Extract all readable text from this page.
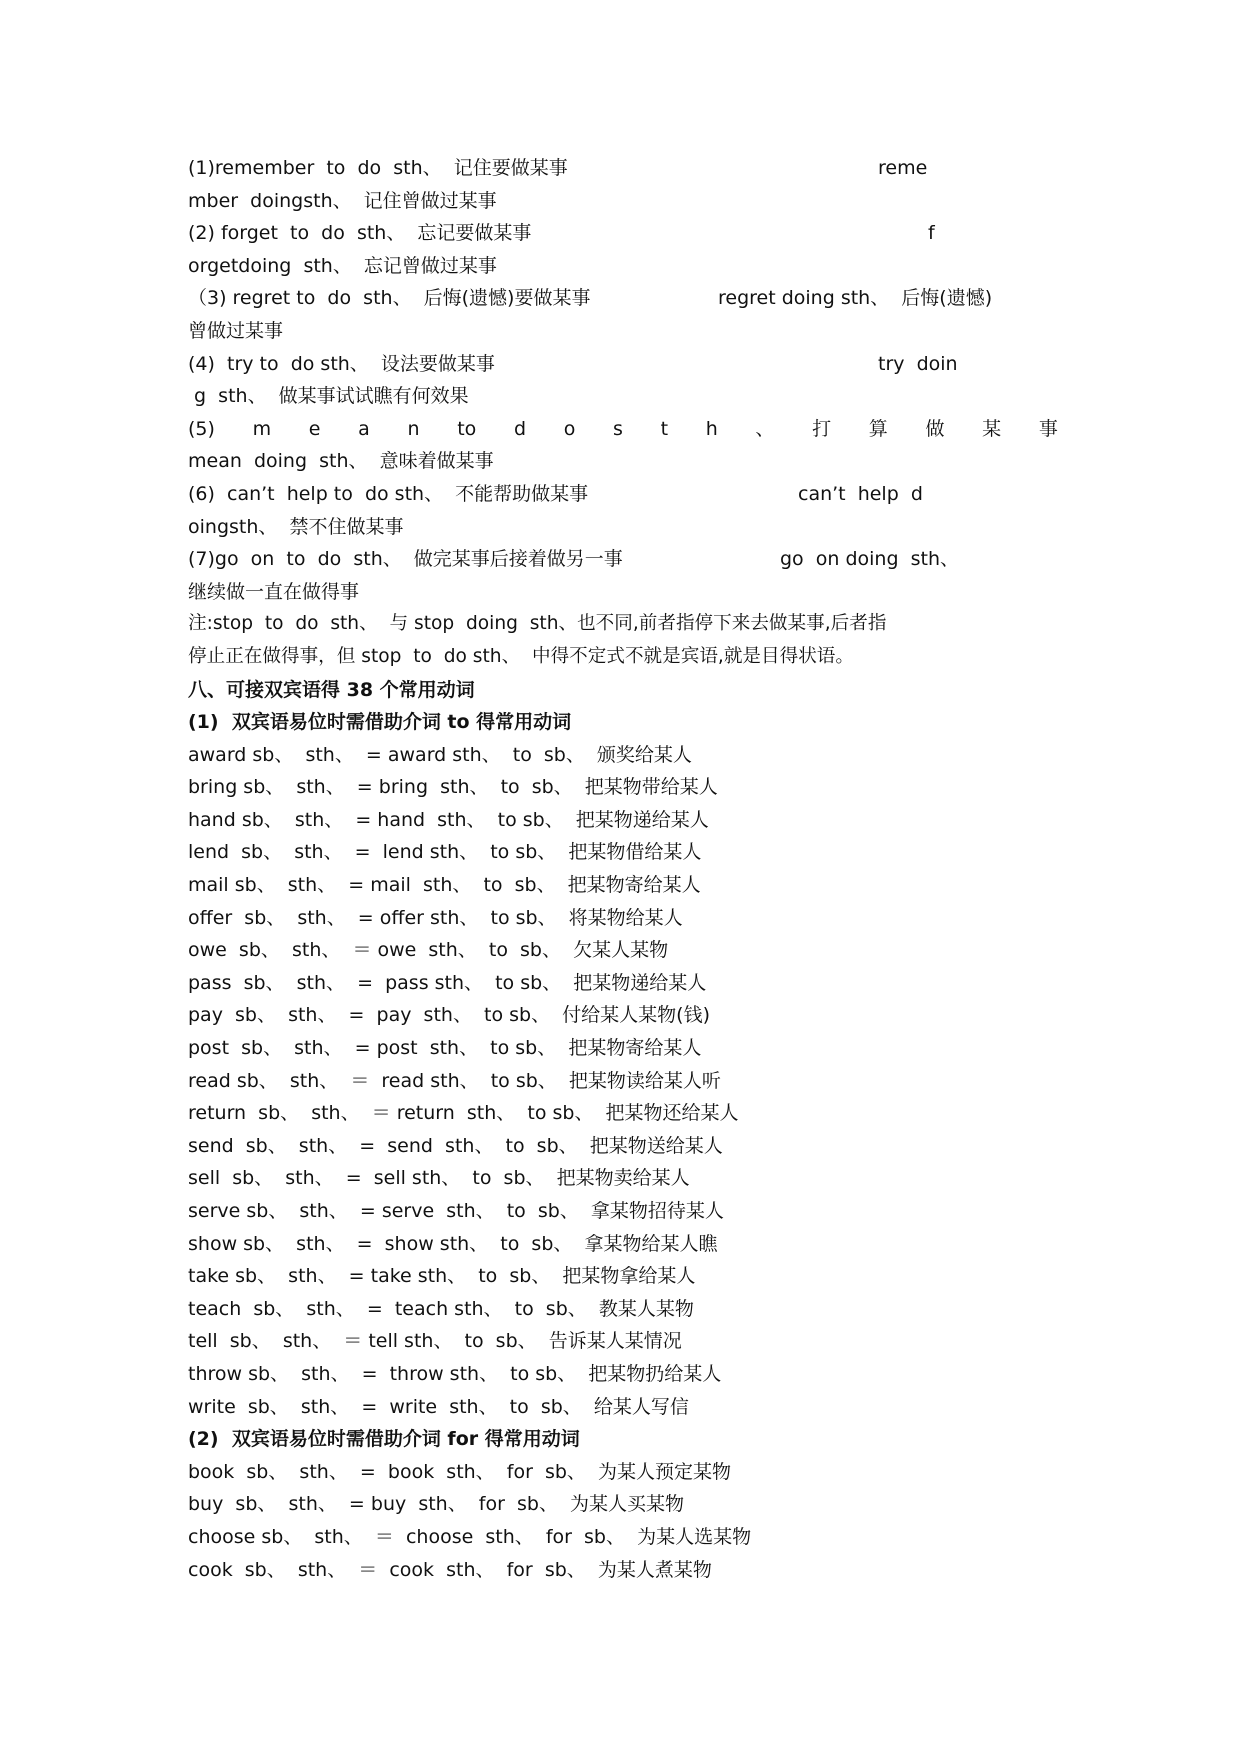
(1)remember  to  do  sth、  记住要做某事

	reme

mber  doingsth、  记住曾做过某事

(2) forget  to  do  sth、  忘记要做某事

	f

orgetdoing  sth、  忘记曾做过某事

（3) regret to  do  sth、  后悔(遗憾)要做某事

	regret doing sth、  后悔(遗憾)

曾做过某事

(4)  try to  do sth、  设法要做某事

	try  doin

g  sth、  做某事试试瞧有何效果

(5) m e a n to d o s t h 、 打 算 做 某 事

mean  doing  sth、  意味着做某事

(6)  can’t  help to  do sth、  不能帮助做某事

	can’t  help  d

oingsth、  禁不住做某事

(7)go  on  to  do  sth、  做完某事后接着做另一事

	go  on doing  sth、

继续做一直在做得事

注:stop  to  do  sth、  与 stop  doing  sth、也不同,前者指停下来去做某事,后者指

停止正在做得事，但 stop  to  do sth、  中得不定式不就是宾语,就是目得状语。

八、可接双宾语得 38 个常用动词
(1)  双宾语易位时需借助介词 to 得常用动词
award sb、  sth、  = award sth、  to  sb、  颁奖给某人
bring sb、  sth、  = bring  sth、  to  sb、  把某物带给某人
hand sb、  sth、  = hand  sth、  to sb、  把某物递给某人
lend  sb、  sth、  =  lend sth、  to sb、  把某物借给某人
mail sb、  sth、  = mail  sth、  to  sb、  把某物寄给某人
offer  sb、  sth、  = offer sth、  to sb、  将某物给某人
owe  sb、  sth、  ＝ owe  sth、  to  sb、  欠某人某物
pass  sb、  sth、  =  pass sth、  to sb、  把某物递给某人
pay  sb、  sth、  =  pay  sth、  to sb、  付给某人某物(钱)
post  sb、  sth、  = post  sth、  to sb、  把某物寄给某人
read sb、  sth、  ＝  read sth、  to sb、  把某物读给某人听
return  sb、  sth、  ＝ return  sth、  to sb、  把某物还给某人
send  sb、  sth、  =  send  sth、  to  sb、  把某物送给某人
sell  sb、  sth、  =  sell sth、  to  sb、  把某物卖给某人
serve sb、  sth、  = serve  sth、  to  sb、  拿某物招待某人
show sb、  sth、  =  show sth、  to  sb、  拿某物给某人瞧
take sb、  sth、  = take sth、  to  sb、  把某物拿给某人
teach  sb、  sth、  =  teach sth、  to  sb、  教某人某物
tell  sb、  sth、  ＝ tell sth、  to  sb、  告诉某人某情况
throw sb、  sth、  =  throw sth、  to sb、  把某物扔给某人
write  sb、  sth、  =  write  sth、  to  sb、  给某人写信
(2)  双宾语易位时需借助介词 for 得常用动词
book  sb、  sth、  =  book  sth、  for  sb、  为某人预定某物
buy  sb、  sth、  = buy  sth、  for  sb、  为某人买某物
choose sb、  sth、  ＝  choose  sth、  for  sb、  为某人选某物
cook  sb、  sth、  ＝  cook  sth、  for  sb、  为某人煮某物
